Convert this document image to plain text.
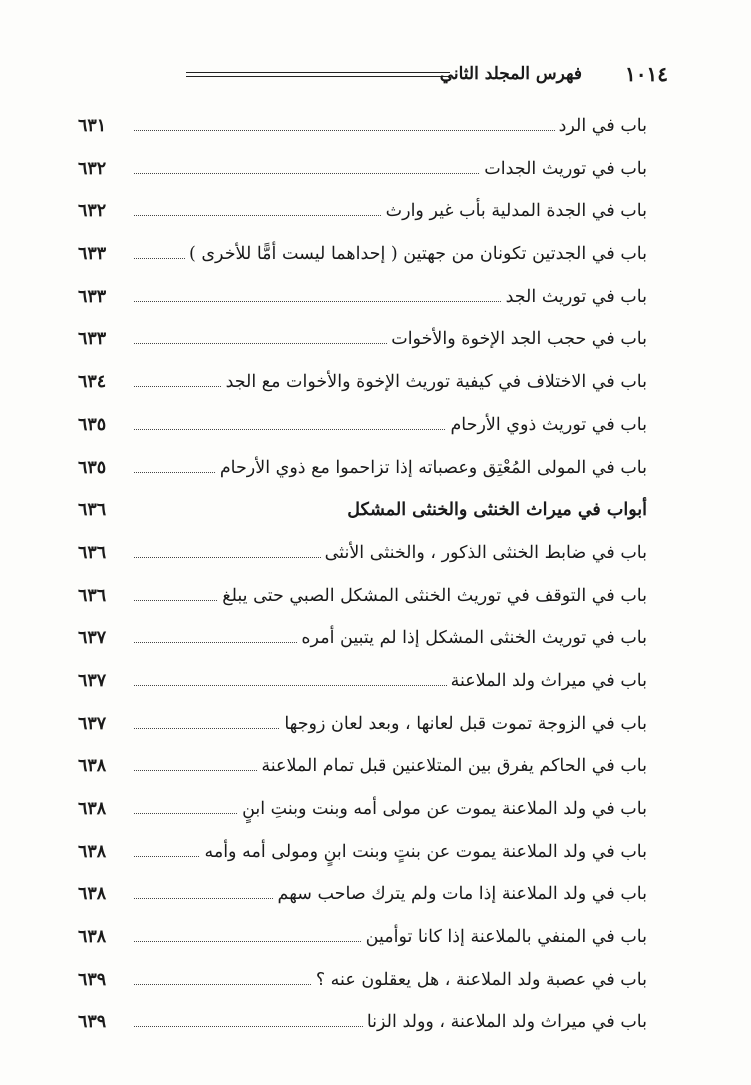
١٠١٤
فهرس المجلد الثاني
باب في الرد
٦٣١
باب في توريث الجدات
٦٣٢
باب في الجدة المدلية بأب غير وارث
٦٣٢
باب في الجدتين تكونان من جهتين ( إحداهما ليست أمًّا للأخرى )
٦٣٣
باب في توريث الجد
٦٣٣
باب في حجب الجد الإخوة والأخوات
٦٣٣
باب في الاختلاف في كيفية توريث الإخوة والأخوات مع الجد
٦٣٤
باب في توريث ذوي الأرحام
٦٣٥
باب في المولى المُعْتِق وعصباته إذا تزاحموا مع ذوي الأرحام
٦٣٥
أبواب في ميراث الخنثى والخنثى المشكل
٦٣٦
باب في ضابط الخنثى الذكور ، والخنثى الأنثى
٦٣٦
باب في التوقف في توريث الخنثى المشكل الصبي حتى يبلغ
٦٣٦
باب في توريث الخنثى المشكل إذا لم يتبين أمره
٦٣٧
باب في ميراث ولد الملاعنة
٦٣٧
باب في الزوجة تموت قبل لعانها ، وبعد لعان زوجها
٦٣٧
باب في الحاكم يفرق بين المتلاعنين قبل تمام الملاعنة
٦٣٨
باب في ولد الملاعنة يموت عن مولى أمه وبنت وبنتِ ابنٍ
٦٣٨
باب في ولد الملاعنة يموت عن بنتٍ وبنت ابنٍ ومولى أمه وأمه
٦٣٨
باب في ولد الملاعنة إذا مات ولم يترك صاحب سهم
٦٣٨
باب في المنفي بالملاعنة إذا كانا توأمين
٦٣٨
باب في عصبة ولد الملاعنة ، هل يعقلون عنه ؟
٦٣٩
باب في ميراث ولد الملاعنة ، وولد الزنا
٦٣٩
